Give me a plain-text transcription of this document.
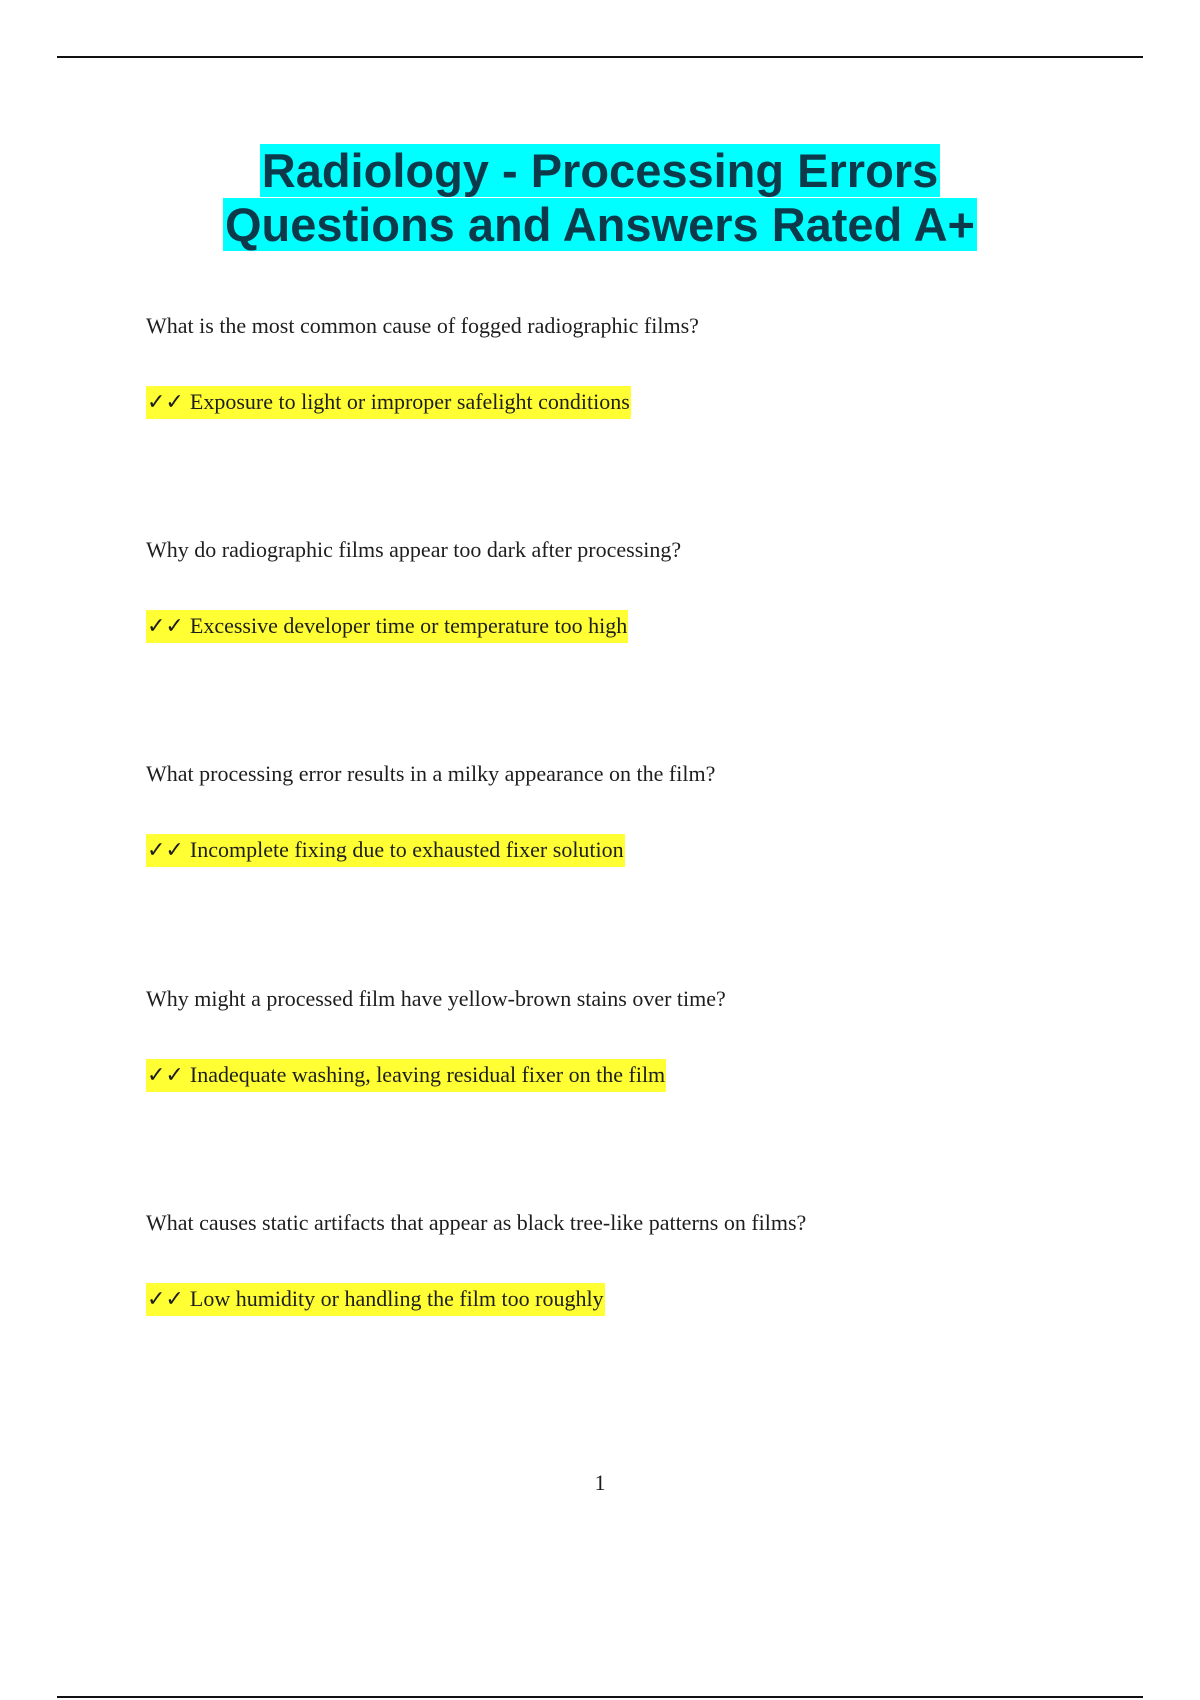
Radiology - Processing Errors
Questions and Answers Rated A+

What is the most common cause of fogged radiographic films?

✓✓ Exposure to light or improper safelight conditions

Why do radiographic films appear too dark after processing?

✓✓ Excessive developer time or temperature too high

What processing error results in a milky appearance on the film?

✓✓ Incomplete fixing due to exhausted fixer solution

Why might a processed film have yellow-brown stains over time?

✓✓ Inadequate washing, leaving residual fixer on the film

What causes static artifacts that appear as black tree-like patterns on films?

✓✓ Low humidity or handling the film too roughly
1
